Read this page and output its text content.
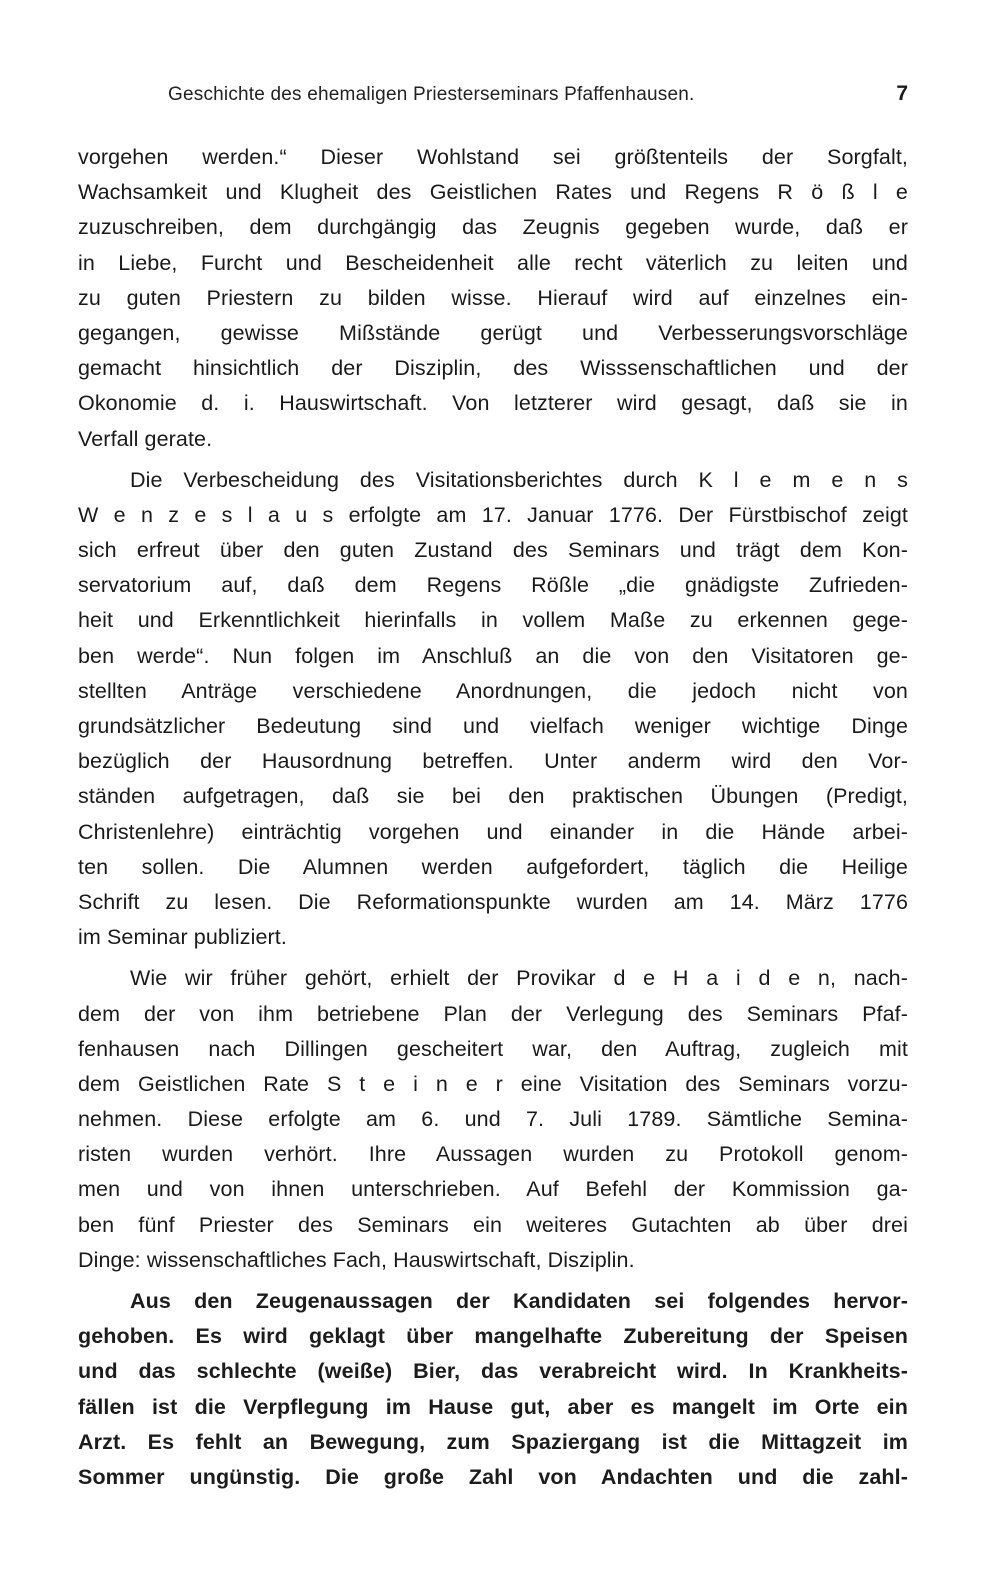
Geschichte des ehemaligen Priesterseminars Pfaffenhausen.	7
vorgehen werden.“ Dieser Wohlstand sei größtenteils der Sorgfalt,
Wachsamkeit und Klugheit des Geistlichen Rates und Regens R ö ß l e
zuzuschreiben, dem durchgängig das Zeugnis gegeben wurde, daß er
in Liebe, Furcht und Bescheidenheit alle recht väterlich zu leiten und
zu guten Priestern zu bilden wisse. Hierauf wird auf einzelnes ein-
gegangen, gewisse Mißstände gerügt und Verbesserungsvorschläge
gemacht hinsichtlich der Disziplin, des Wisssenschaftlichen und der
Okonomie d. i. Hauswirtschaft. Von letzterer wird gesagt, daß sie in
Verfall gerate.
Die Verbescheidung des Visitationsberichtes durch K l e m e n s
W e n z e s l a u s erfolgte am 17. Januar 1776. Der Fürstbischof zeigt
sich erfreut über den guten Zustand des Seminars und trägt dem Kon-
servatorium auf, daß dem Regens Rößle „die gnädigste Zufrieden-
heit und Erkenntlichkeit hierinfalls in vollem Maße zu erkennen gege-
ben werde“. Nun folgen im Anschluß an die von den Visitatoren ge-
stellten Anträge verschiedene Anordnungen, die jedoch nicht von
grundsätzlicher Bedeutung sind und vielfach weniger wichtige Dinge
bezüglich der Hausordnung betreffen. Unter anderm wird den Vor-
ständen aufgetragen, daß sie bei den praktischen Übungen (Predigt,
Christenlehre) einträchtig vorgehen und einander in die Hände arbei-
ten sollen. Die Alumnen werden aufgefordert, täglich die Heilige
Schrift zu lesen. Die Reformationspunkte wurden am 14. März 1776
im Seminar publiziert.
Wie wir früher gehört, erhielt der Provikar d e H a i d e n, nach-
dem der von ihm betriebene Plan der Verlegung des Seminars Pfaf-
fenhausen nach Dillingen gescheitert war, den Auftrag, zugleich mit
dem Geistlichen Rate S t e i n e r eine Visitation des Seminars vorzu-
nehmen. Diese erfolgte am 6. und 7. Juli 1789. Sämtliche Semina-
risten wurden verhört. Ihre Aussagen wurden zu Protokoll genom-
men und von ihnen unterschrieben. Auf Befehl der Kommission ga-
ben fünf Priester des Seminars ein weiteres Gutachten ab über drei
Dinge: wissenschaftliches Fach, Hauswirtschaft, Disziplin.
Aus den Zeugenaussagen der Kandidaten sei folgendes hervor-
gehoben. Es wird geklagt über mangelhafte Zubereitung der Speisen
und das schlechte (weiße) Bier, das verabreicht wird. In Krankheits-
fällen ist die Verpflegung im Hause gut, aber es mangelt im Orte ein
Arzt. Es fehlt an Bewegung, zum Spaziergang ist die Mittagzeit im
Sommer ungünstig. Die große Zahl von Andachten und die zahl-
